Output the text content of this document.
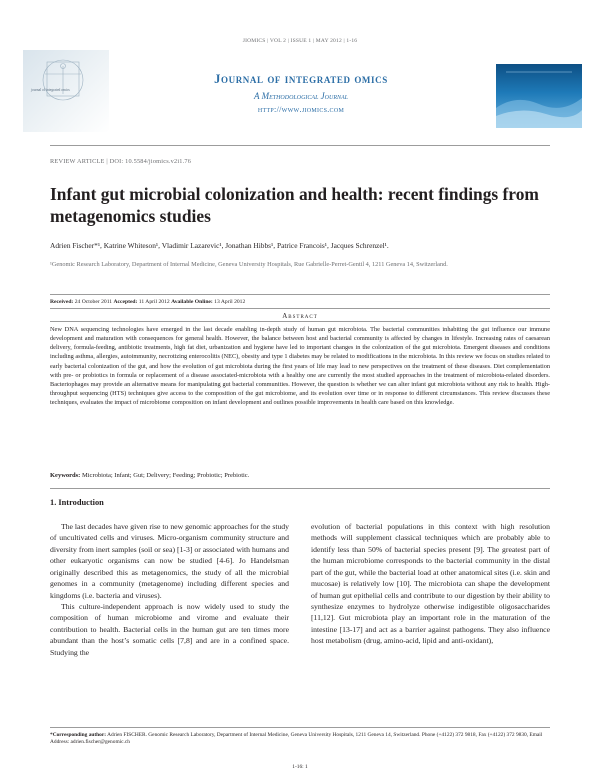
JIOMICS | VOL 2 | ISSUE 1 | MAY 2012 | 1-16
journal of integrated omics
Journal of integrated omics
A Methodological Journal
http://www.jiomics.com
REVIEW ARTICLE | DOI: 10.5584/jiomics.v2i1.76
Infant gut microbial colonization and health: recent findings from metagenomics studies
Adrien Fischer*¹, Katrine Whiteson¹, Vladimir Lazarevic¹, Jonathan Hibbs¹, Patrice Francois¹, Jacques Schrenzel¹.
¹Genomic Research Laboratory, Department of Internal Medicine, Geneva University Hospitals, Rue Gabrielle-Perret-Gentil 4, 1211 Geneva 14, Switzerland.
Received: 24 October 2011 Accepted: 11 April 2012 Available Online: 13 April 2012
Abstract

New DNA sequencing technologies have emerged in the last decade enabling in-depth study of human gut microbiota. The bacterial communities inhabiting the gut influence our immune development and maturation with consequences for general health. However, the balance between host and bacterial community is affected by changes in lifestyle. Increasing rates of caesarean delivery, formula-feeding, antibiotic treatments, high fat diet, urbanization and hygiene have led to important changes in the colonization of the gut microbiota. Emergent diseases and conditions including asthma, allergies, autoimmunity, necrotizing enterocolitis (NEC), obesity and type 1 diabetes may be related to modifications in the microbiota. In this review we focus on studies related to early bacterial colonization of the gut, and how the evolution of gut microbiota during the first years of life may lead to new perspectives on the treatment of these diseases. Diet complementation with pre- or probiotics in formula or replacement of a disease associated-microbiota with a healthy one are currently the most studied approaches in the treatment of microbiota-related disorders. Bacteriophages may provide an alternative means for manipulating gut bacterial communities. However, the question is whether we can alter infant gut microbiota without any risk to health. High-throughput sequencing (HTS) techniques give access to the composition of the gut microbiome, and its evolution over time or in response to different circumstances. This review discusses these techniques, evaluates the impact of microbiome composition on infant development and outlines possible improvements in health care based on this knowledge.

Keywords: Microbiota; Infant; Gut; Delivery; Feeding; Probiotic; Prebiotic.
1. Introduction

The last decades have given rise to new genomic approaches for the study of uncultivated cells and viruses. Micro-organism community structure and diversity from inert samples (soil or sea) [1-3] or associated with humans and other eukaryotic organisms can now be studied [4-6]. Jo Handelsman originally described this as metagenomics, the study of all the microbial genomes in a community (metagenome) including different species and kingdoms (i.e. bacteria and viruses).

This culture-independent approach is now widely used to study the composition of human microbiome and virome and evaluate their contribution to health. Bacterial cells in the human gut are ten times more abundant than the host’s somatic cells [7,8] and are in a confined space. Studying the

evolution of bacterial populations in this context with high resolution methods will supplement classical techniques which are probably able to identify less than 50% of bacterial species present [9]. The greatest part of the human microbiome corresponds to the bacterial community in the distal part of the gut, while the bacterial load at other anatomical sites (i.e. skin and mucosae) is relatively low [10]. The microbiota can shape the development of human gut epithelial cells and contribute to our digestion by their ability to synthesize enzymes to hydrolyze otherwise indigestible oligosaccharides [11,12]. Gut microbiota play an important role in the maturation of the intestine [13-17] and act as a barrier against pathogens. They also influence host metabolism (drug, amino-acid, lipid and anti-oxidant),

*Corresponding author: Adrien FISCHER. Genomic Research Laboratory, Department of Internal Medicine, Geneva University Hospitals, 1211 Geneva 14, Switzerland. Phone (+4122) 372 9818, Fax (+4122) 372 9830, Email Address: adrien.fischer@genomic.ch
1-16: 1
